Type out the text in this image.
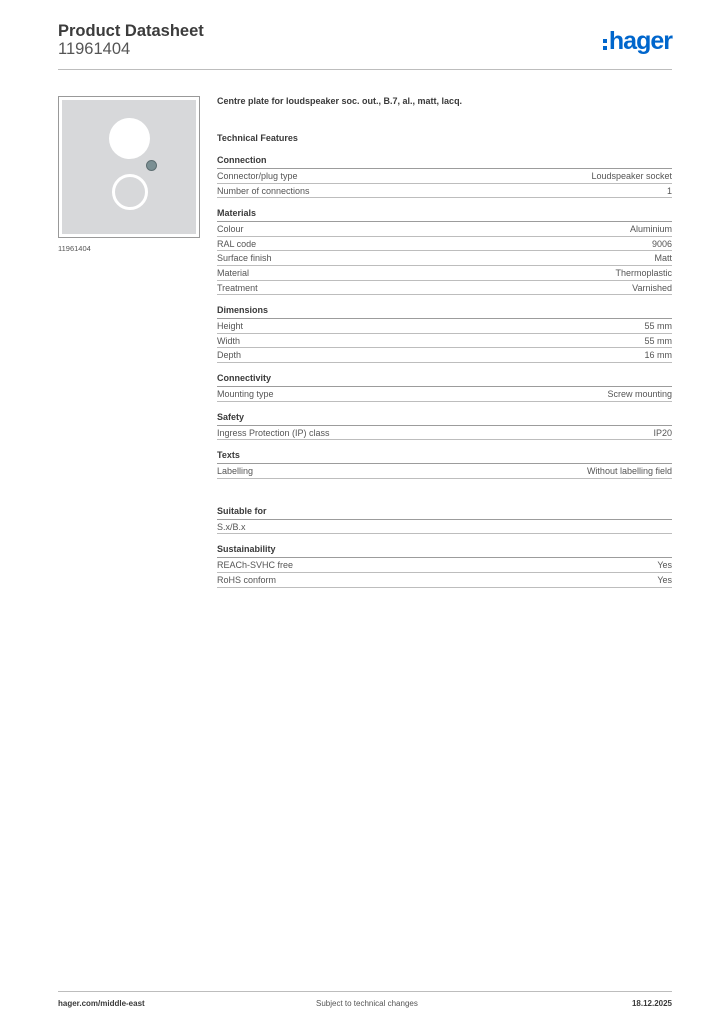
Product Datasheet
11961404	hager
11961404
Centre plate for loudspeaker soc. out., B.7, al., matt, lacq.
Technical Features
Connection
Connector/plug type	Loudspeaker socket
Number of connections	1
Materials
Colour	Aluminium
RAL code	9006
Surface finish	Matt
Material	Thermoplastic
Treatment	Varnished
Dimensions
Height	55 mm
Width	55 mm
Depth	16 mm
Connectivity
Mounting type	Screw mounting
Safety
Ingress Protection (IP) class	IP20
Texts
Labelling	Without labelling field
Suitable for
S.x/B.x
Sustainability
REACh-SVHC free	Yes
RoHS conform	Yes
hager.com/middle-east	Subject to technical changes	18.12.2025
